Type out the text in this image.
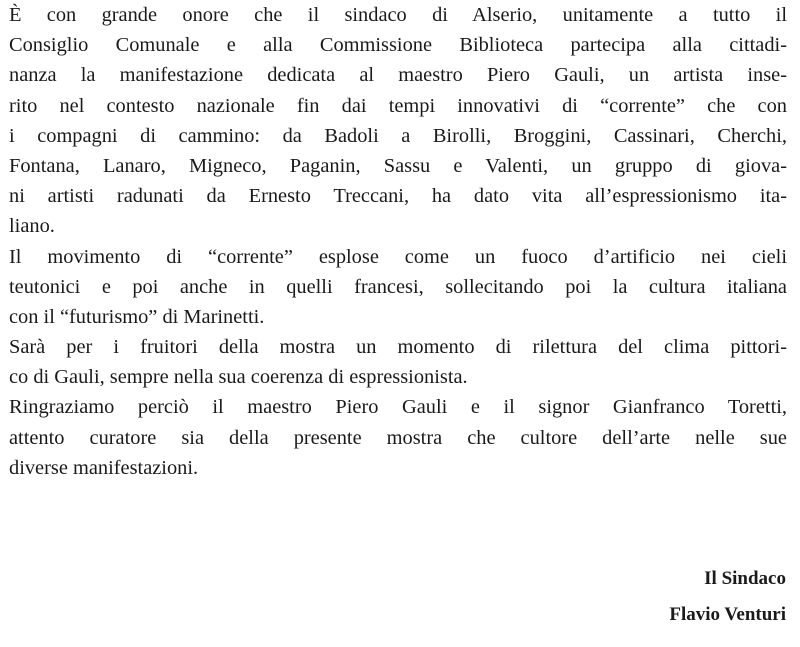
È con grande onore che il sindaco di Alserio, unitamente a tutto il
Consiglio Comunale e alla Commissione Biblioteca partecipa alla cittadi-
nanza la manifestazione dedicata al maestro Piero Gauli, un artista inse-
rito nel contesto nazionale fin dai tempi innovativi di “corrente” che con
i compagni di cammino: da Badoli a Birolli, Broggini, Cassinari, Cherchi,
Fontana, Lanaro, Migneco, Paganin, Sassu e Valenti, un gruppo di giova-
ni artisti radunati da Ernesto Treccani, ha dato vita all’espressionismo ita-
liano.
Il movimento di “corrente” esplose come un fuoco d’artificio nei cieli
teutonici e poi anche in quelli francesi, sollecitando poi la cultura italiana
con il “futurismo” di Marinetti.
Sarà per i fruitori della mostra un momento di rilettura del clima pittori-
co di Gauli, sempre nella sua coerenza di espressionista.
Ringraziamo perciò il maestro Piero Gauli e il signor Gianfranco Toretti,
attento curatore sia della presente mostra che cultore dell’arte nelle sue
diverse manifestazioni.
Il Sindaco
Flavio Venturi
